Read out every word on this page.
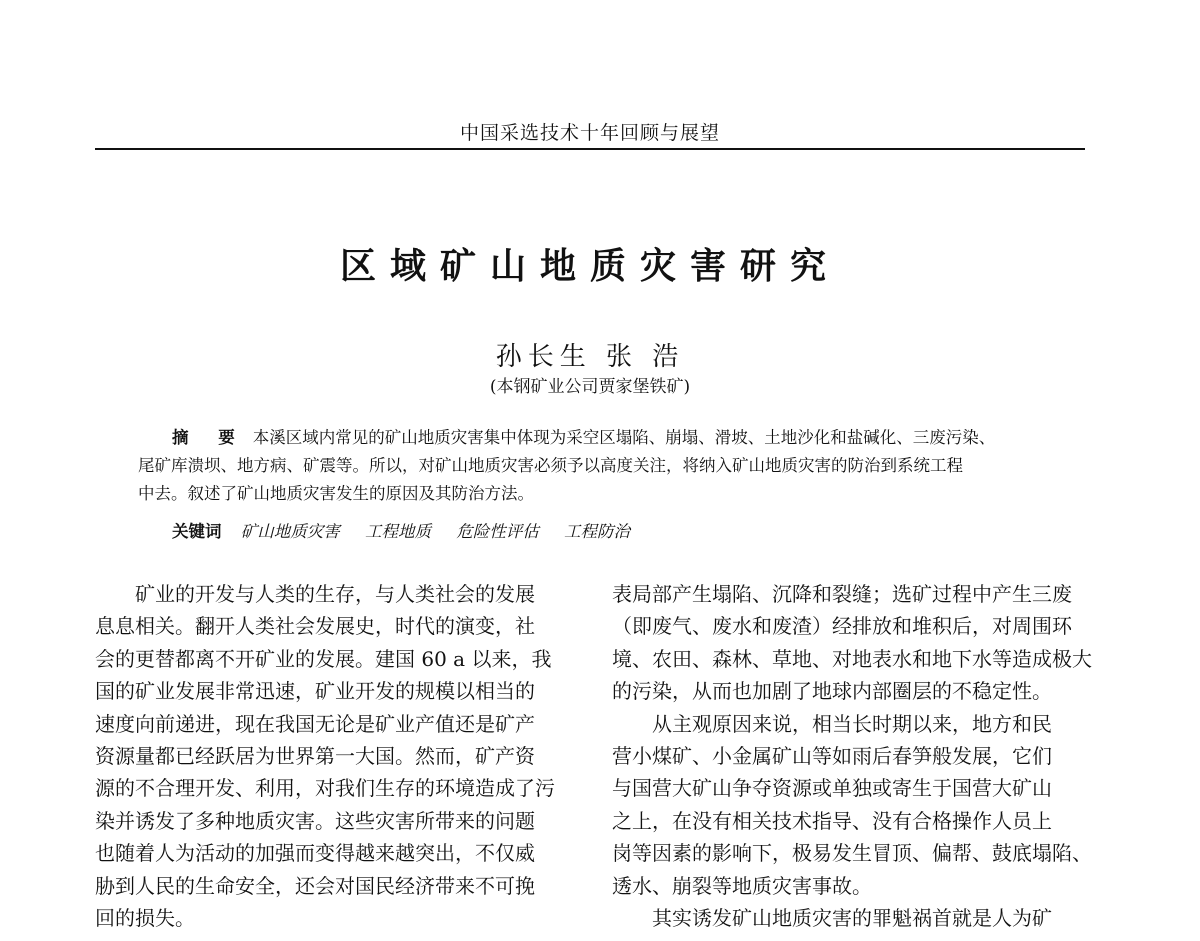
中国采选技术十年回顾与展望
区域矿山地质灾害研究
孙长生 张 浩
(本钢矿业公司贾家堡铁矿)
摘 要 本溪区域内常见的矿山地质灾害集中体现为采空区塌陷、崩塌、滑坡、土地沙化和盐碱化、三废污染、
尾矿库溃坝、地方病、矿震等。所以，对矿山地质灾害必须予以高度关注，将纳入矿山地质灾害的防治到系统工程
中去。叙述了矿山地质灾害发生的原因及其防治方法。
关键词 矿山地质灾害 工程地质 危险性评估 工程防治
　　矿业的开发与人类的生存，与人类社会的发展
息息相关。翻开人类社会发展史，时代的演变，社
会的更替都离不开矿业的发展。建国 60 a 以来，我
国的矿业发展非常迅速，矿业开发的规模以相当的
速度向前递进，现在我国无论是矿业产值还是矿产
资源量都已经跃居为世界第一大国。然而，矿产资
源的不合理开发、利用，对我们生存的环境造成了污
染并诱发了多种地质灾害。这些灾害所带来的问题
也随着人为活动的加强而变得越来越突出，不仅威
胁到人民的生命安全，还会对国民经济带来不可挽
回的损失。
表局部产生塌陷、沉降和裂缝；选矿过程中产生三废
（即废气、废水和废渣）经排放和堆积后，对周围环
境、农田、森林、草地、对地表水和地下水等造成极大
的污染，从而也加剧了地球内部圈层的不稳定性。
　　从主观原因来说，相当长时期以来，地方和民
营小煤矿、小金属矿山等如雨后春笋般发展，它们
与国营大矿山争夺资源或单独或寄生于国营大矿山
之上，在没有相关技术指导、没有合格操作人员上
岗等因素的影响下，极易发生冒顶、偏帮、鼓底塌陷、
透水、崩裂等地质灾害事故。
　　其实诱发矿山地质灾害的罪魁祸首就是人为矿
